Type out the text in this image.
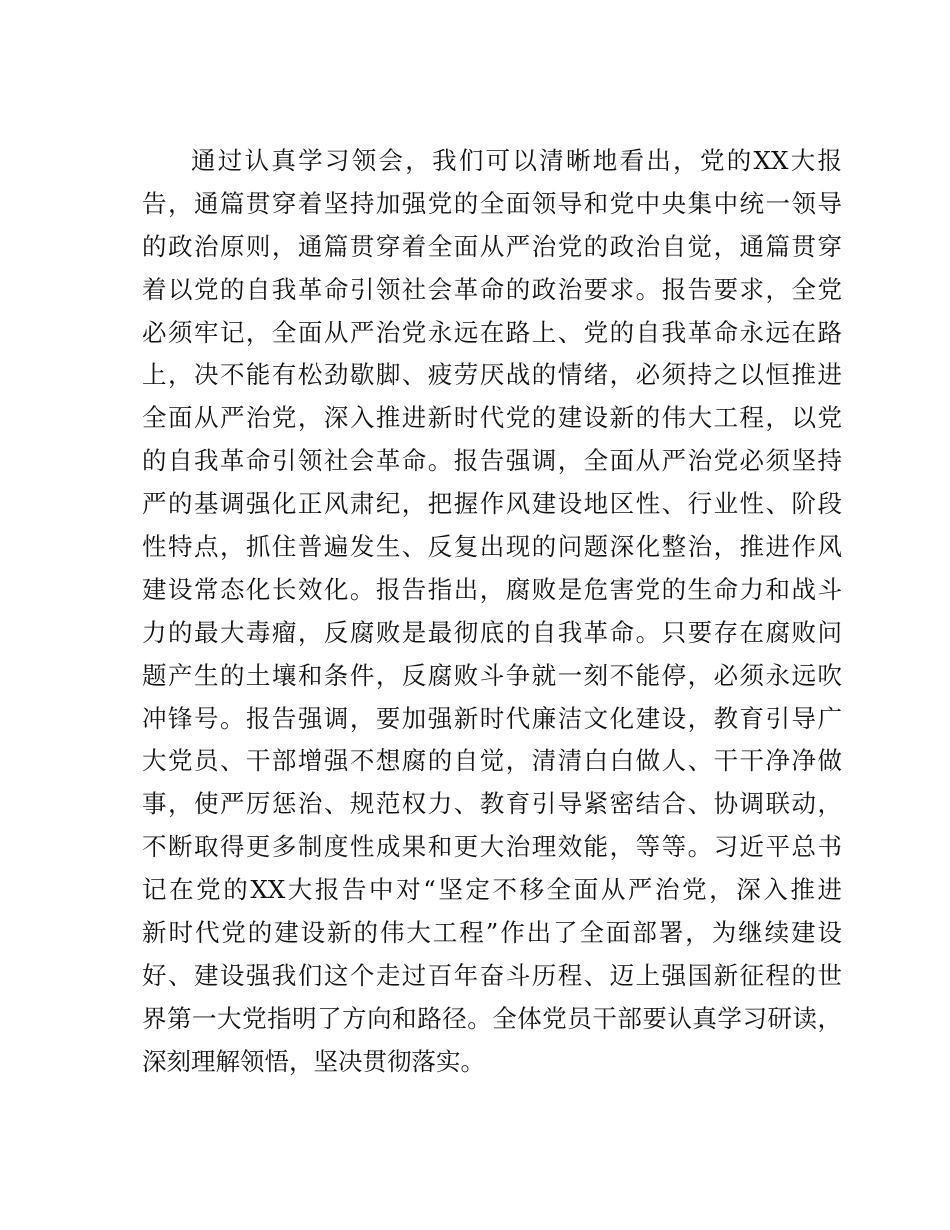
通过认真学习领会，我们可以清晰地看出，党的XX大报
告，通篇贯穿着坚持加强党的全面领导和党中央集中统一领导
的政治原则，通篇贯穿着全面从严治党的政治自觉，通篇贯穿
着以党的自我革命引领社会革命的政治要求。报告要求，全党
必须牢记，全面从严治党永远在路上、党的自我革命永远在路
上，决不能有松劲歇脚、疲劳厌战的情绪，必须持之以恒推进
全面从严治党，深入推进新时代党的建设新的伟大工程，以党
的自我革命引领社会革命。报告强调，全面从严治党必须坚持
严的基调强化正风肃纪，把握作风建设地区性、行业性、阶段
性特点，抓住普遍发生、反复出现的问题深化整治，推进作风
建设常态化长效化。报告指出，腐败是危害党的生命力和战斗
力的最大毒瘤，反腐败是最彻底的自我革命。只要存在腐败问
题产生的土壤和条件，反腐败斗争就一刻不能停，必须永远吹
冲锋号。报告强调，要加强新时代廉洁文化建设，教育引导广
大党员、干部增强不想腐的自觉，清清白白做人、干干净净做
事，使严厉惩治、规范权力、教育引导紧密结合、协调联动，
不断取得更多制度性成果和更大治理效能，等等。习近平总书
记在党的XX大报告中对“坚定不移全面从严治党，深入推进
新时代党的建设新的伟大工程”作出了全面部署，为继续建设
好、建设强我们这个走过百年奋斗历程、迈上强国新征程的世
界第一大党指明了方向和路径。全体党员干部要认真学习研读，
深刻理解领悟，坚决贯彻落实。
